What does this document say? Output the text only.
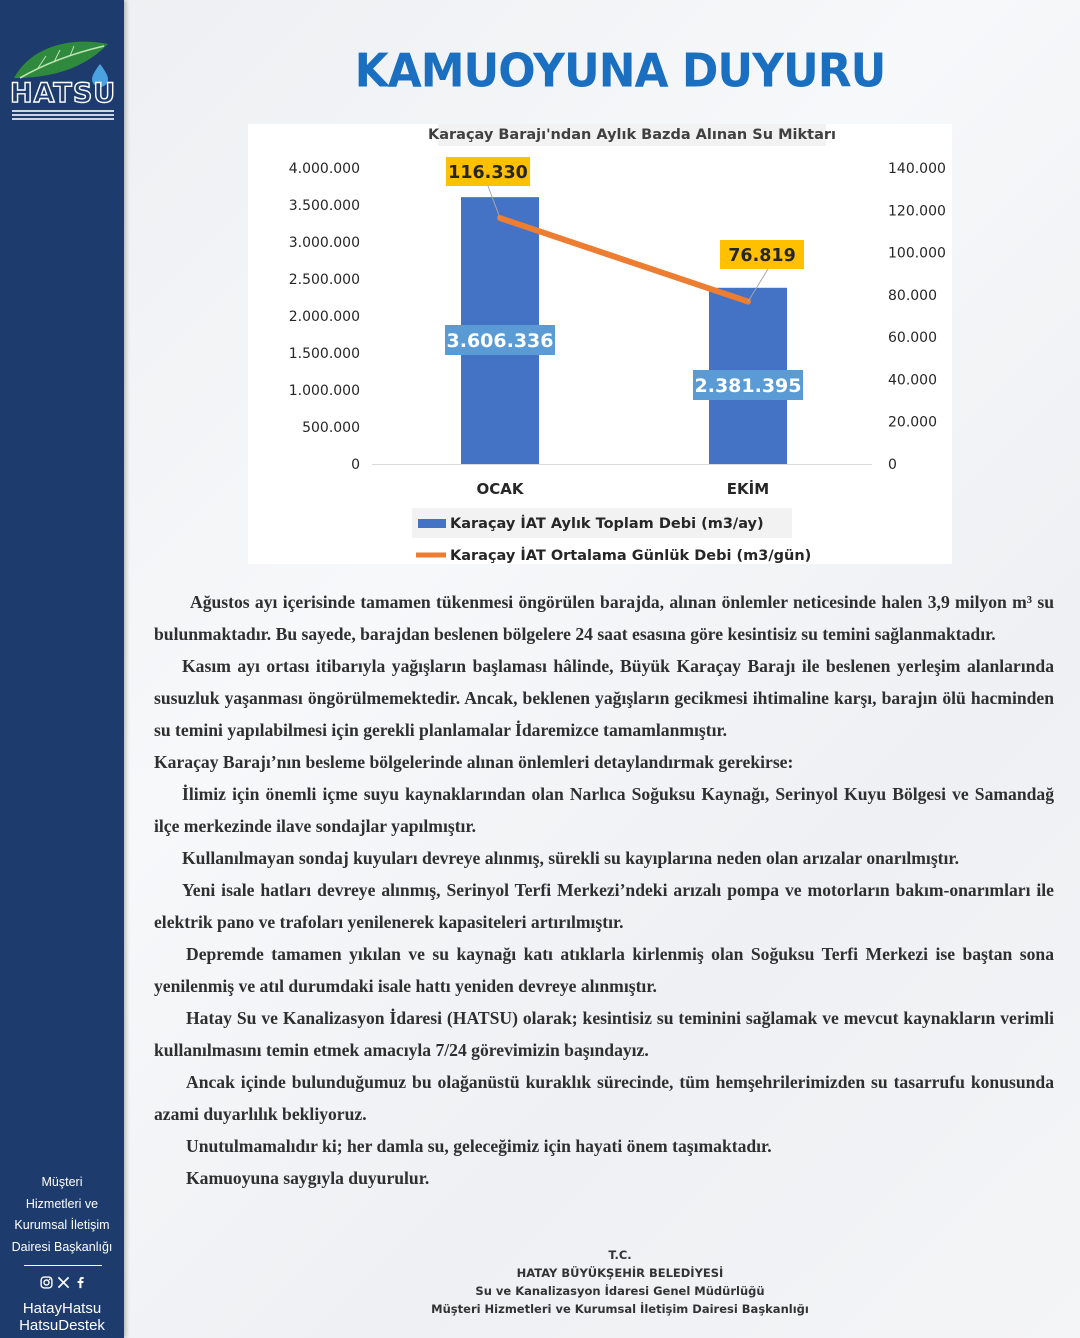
HATSU
Müşteri
Hizmetleri ve
Kurumsal İletişim
Dairesi Başkanlığı
HatayHatsu
HatsuDestek
KAMUOYUNA DUYURU
Karaçay Barajı'ndan Aylık Bazda Alınan Su Miktarı
4.000.000
3.500.000
3.000.000
2.500.000
2.000.000
1.500.000
1.000.000
500.000
0
140.000
120.000
100.000
80.000
60.000
40.000
20.000
0
OCAK	EKİM
3.606.336
2.381.395
116.330
76.819
Karaçay İAT Aylık Toplam Debi (m3/ay)
Karaçay İAT Ortalama Günlük Debi (m3/gün)

Ağustos ayı içerisinde tamamen tükenmesi öngörülen barajda, alınan önlemler neticesinde halen 3,9 milyon m³ su bulunmaktadır. Bu sayede, barajdan beslenen bölgelere 24 saat esasına göre kesintisiz su temini sağlanmaktadır.

Kasım ayı ortası itibarıyla yağışların başlaması hâlinde, Büyük Karaçay Barajı ile beslenen yerleşim alanlarında susuzluk yaşanması öngörülmemektedir. Ancak, beklenen yağışların gecikmesi ihtimaline karşı, barajın ölü hacminden su temini yapılabilmesi için gerekli planlamalar İdaremizce tamamlanmıştır.

Karaçay Barajı’nın besleme bölgelerinde alınan önlemleri detaylandırmak gerekirse:

İlimiz için önemli içme suyu kaynaklarından olan Narlıca Soğuksu Kaynağı, Serinyol Kuyu Bölgesi ve Samandağ ilçe merkezinde ilave sondajlar yapılmıştır.

Kullanılmayan sondaj kuyuları devreye alınmış, sürekli su kayıplarına neden olan arızalar onarılmıştır.

Yeni isale hatları devreye alınmış, Serinyol Terfi Merkezi’ndeki arızalı pompa ve motorların bakım-onarımları ile elektrik pano ve trafoları yenilenerek kapasiteleri artırılmıştır.

Depremde tamamen yıkılan ve su kaynağı katı atıklarla kirlenmiş olan Soğuksu Terfi Merkezi ise baştan sona yenilenmiş ve atıl durumdaki isale hattı yeniden devreye alınmıştır.

Hatay Su ve Kanalizasyon İdaresi (HATSU) olarak; kesintisiz su teminini sağlamak ve mevcut kaynakların verimli kullanılmasını temin etmek amacıyla 7/24 görevimizin başındayız.

Ancak içinde bulunduğumuz bu olağanüstü kuraklık sürecinde, tüm hemşehrilerimizden su tasarrufu konusunda azami duyarlılık bekliyoruz.

Unutulmamalıdır ki; her damla su, geleceğimiz için hayati önem taşımaktadır.

Kamuoyuna saygıyla duyurulur.

T.C.
HATAY BÜYÜKŞEHİR BELEDİYESİ
Su ve Kanalizasyon İdaresi Genel Müdürlüğü
Müşteri Hizmetleri ve Kurumsal İletişim Dairesi Başkanlığı
